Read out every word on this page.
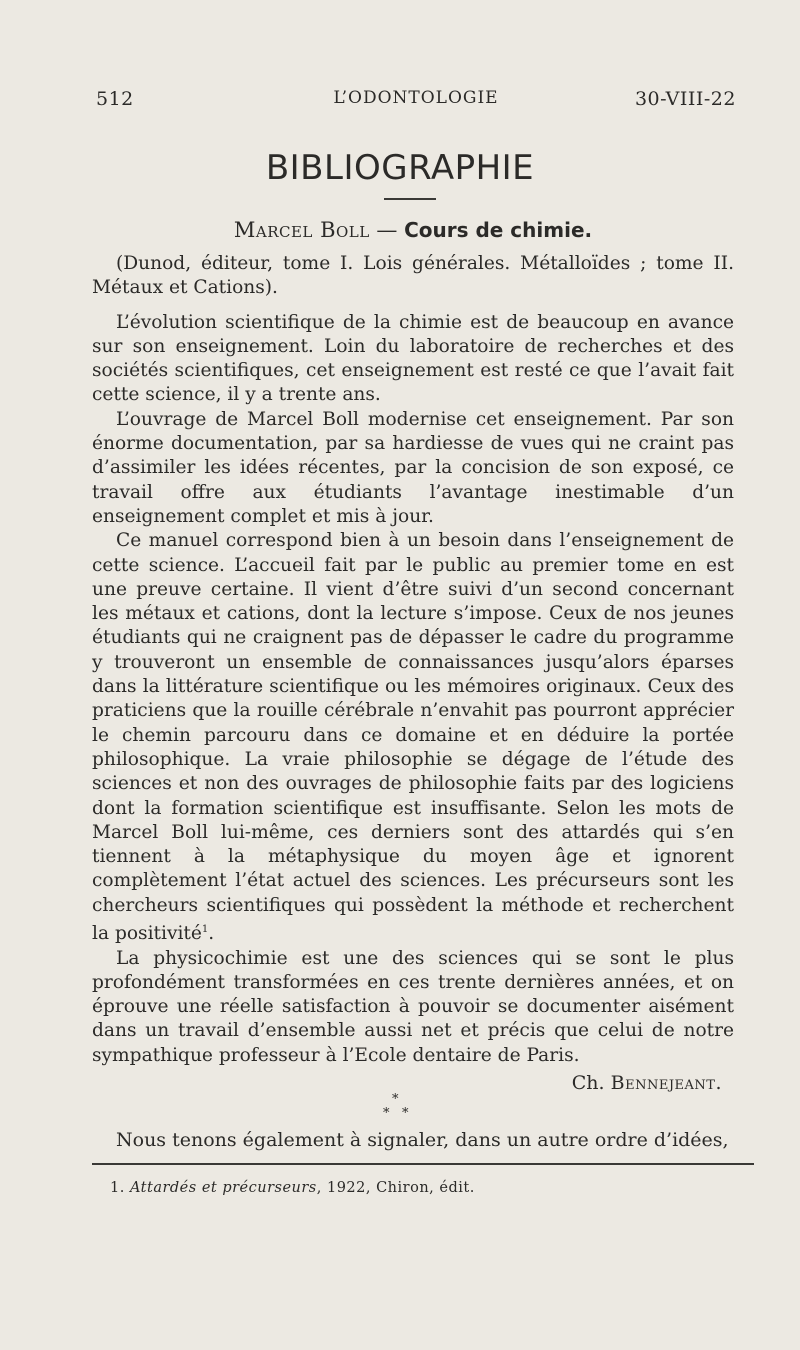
512	L’ODONTOLOGIE	30-VIII-22
BIBLIOGRAPHIE
Marcel Boll — Cours de chimie.

(Dunod, éditeur, tome I. Lois générales. Métalloïdes ; tome II. Métaux et Cations).

L’évolution scientifique de la chimie est de beaucoup en avance sur son enseignement. Loin du laboratoire de recherches et des sociétés scientifiques, cet enseignement est resté ce que l’avait fait cette science, il y a trente ans.

L’ouvrage de Marcel Boll modernise cet enseignement. Par son énorme documentation, par sa hardiesse de vues qui ne craint pas d’assimiler les idées récentes, par la concision de son exposé, ce travail offre aux étudiants l’avantage inestimable d’un enseignement complet et mis à jour.

Ce manuel correspond bien à un besoin dans l’enseignement de cette science. L’accueil fait par le public au premier tome en est une preuve certaine. Il vient d’être suivi d’un second concernant les métaux et cations, dont la lecture s’impose. Ceux de nos jeunes étudiants qui ne craignent pas de dépasser le cadre du programme y trouveront un ensemble de connaissances jusqu’alors éparses dans la littérature scientifique ou les mémoires originaux. Ceux des praticiens que la rouille cérébrale n’envahit pas pourront apprécier le chemin parcouru dans ce domaine et en déduire la portée philosophique. La vraie philosophie se dégage de l’étude des sciences et non des ouvrages de philosophie faits par des logiciens dont la formation scientifique est insuffisante. Selon les mots de Marcel Boll lui-même, ces derniers sont des attardés qui s’en tiennent à la métaphysique du moyen âge et ignorent complètement l’état actuel des sciences. Les précurseurs sont les chercheurs scientifiques qui possèdent la méthode et recherchent la positivité$^1$.

La physicochimie est une des sciences qui se sont le plus profondément transformées en ces trente dernières années, et on éprouve une réelle satisfaction à pouvoir se documenter aisément dans un travail d’ensemble aussi net et précis que celui de notre sympathique professeur à l’Ecole dentaire de Paris.

Ch. Bennejeant.
*
* *
Nous tenons également à signaler, dans un autre ordre d’idées,
1. Attardés et précurseurs, 1922, Chiron, édit.
